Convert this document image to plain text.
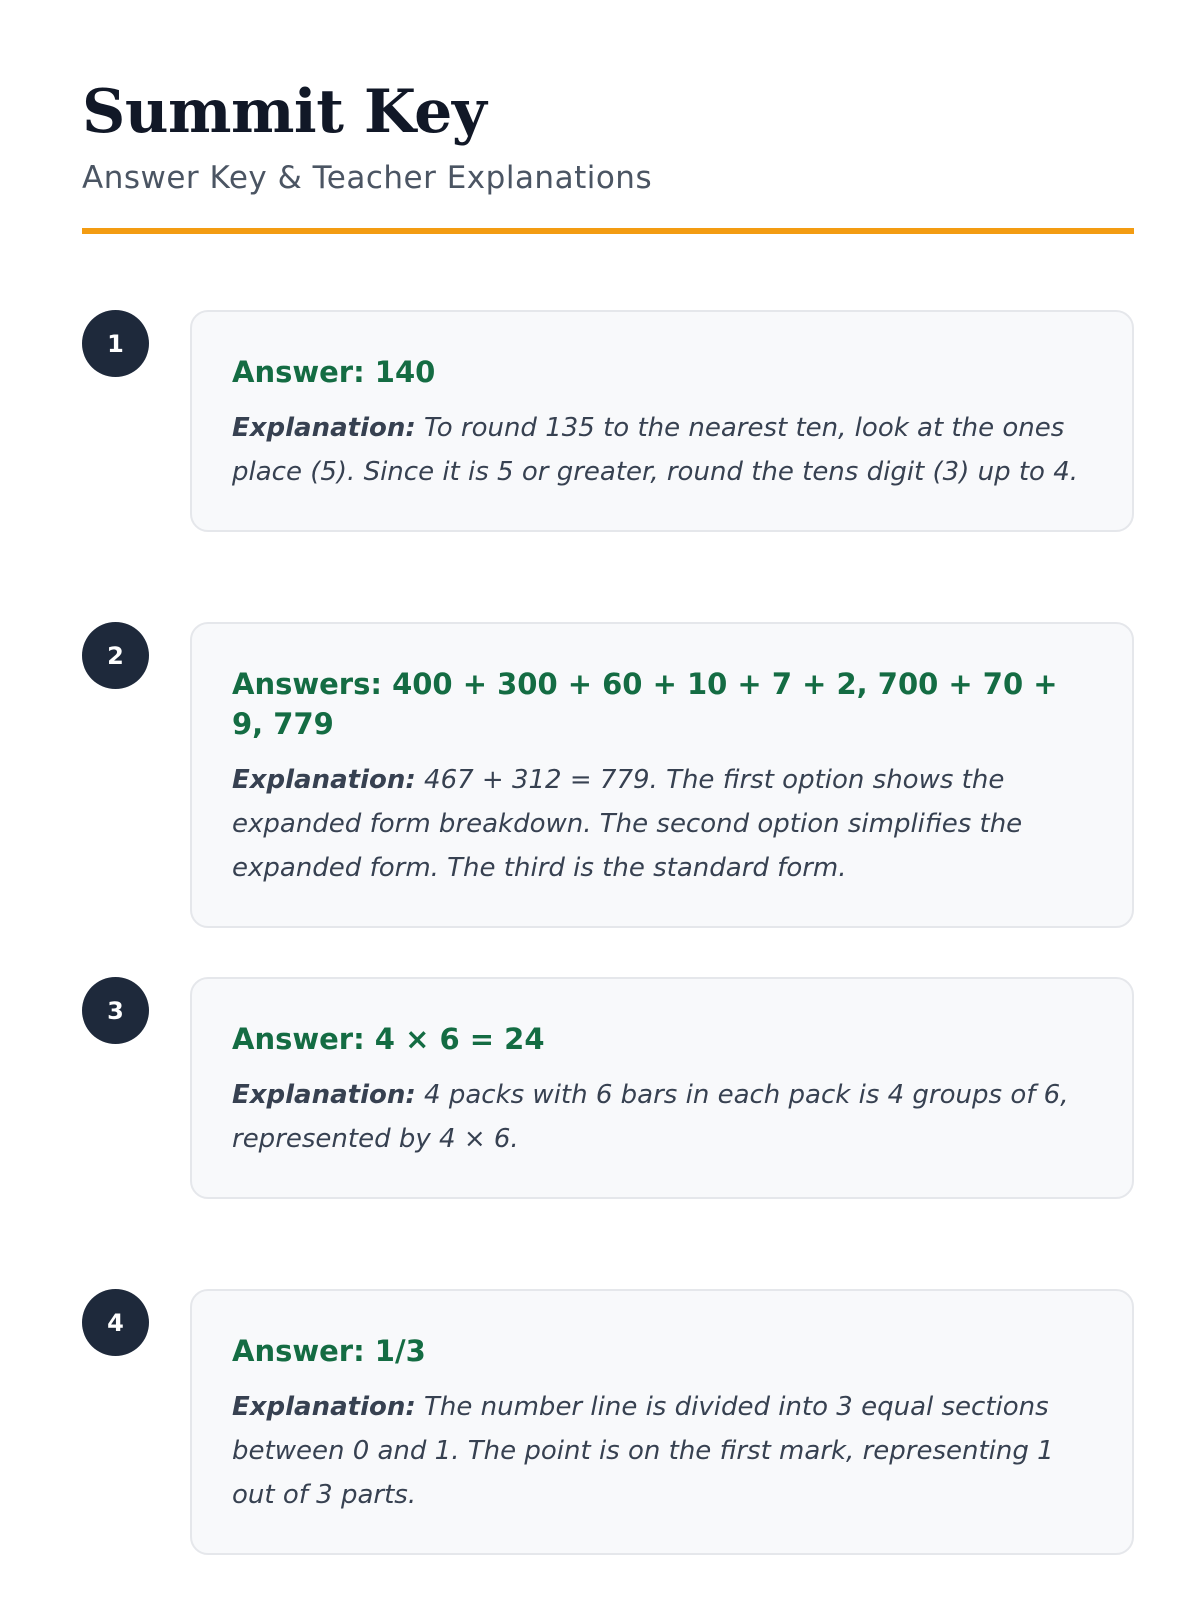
Summit Key
Answer Key & Teacher Explanations
1

Answer: 140

Explanation: To round 135 to the nearest ten, look at the ones place (5). Since it is 5 or greater, round the tens digit (3) up to 4.

2

Answers: 400 + 300 + 60 + 10 + 7 + 2, 700 + 70 + 9, 779

Explanation: 467 + 312 = 779. The first option shows the expanded form breakdown. The second option simplifies the expanded form. The third is the standard form.

3

Answer: 4 × 6 = 24

Explanation: 4 packs with 6 bars in each pack is 4 groups of 6, represented by 4 × 6.

4

Answer: 1/3

Explanation: The number line is divided into 3 equal sections between 0 and 1. The point is on the first mark, representing 1 out of 3 parts.
